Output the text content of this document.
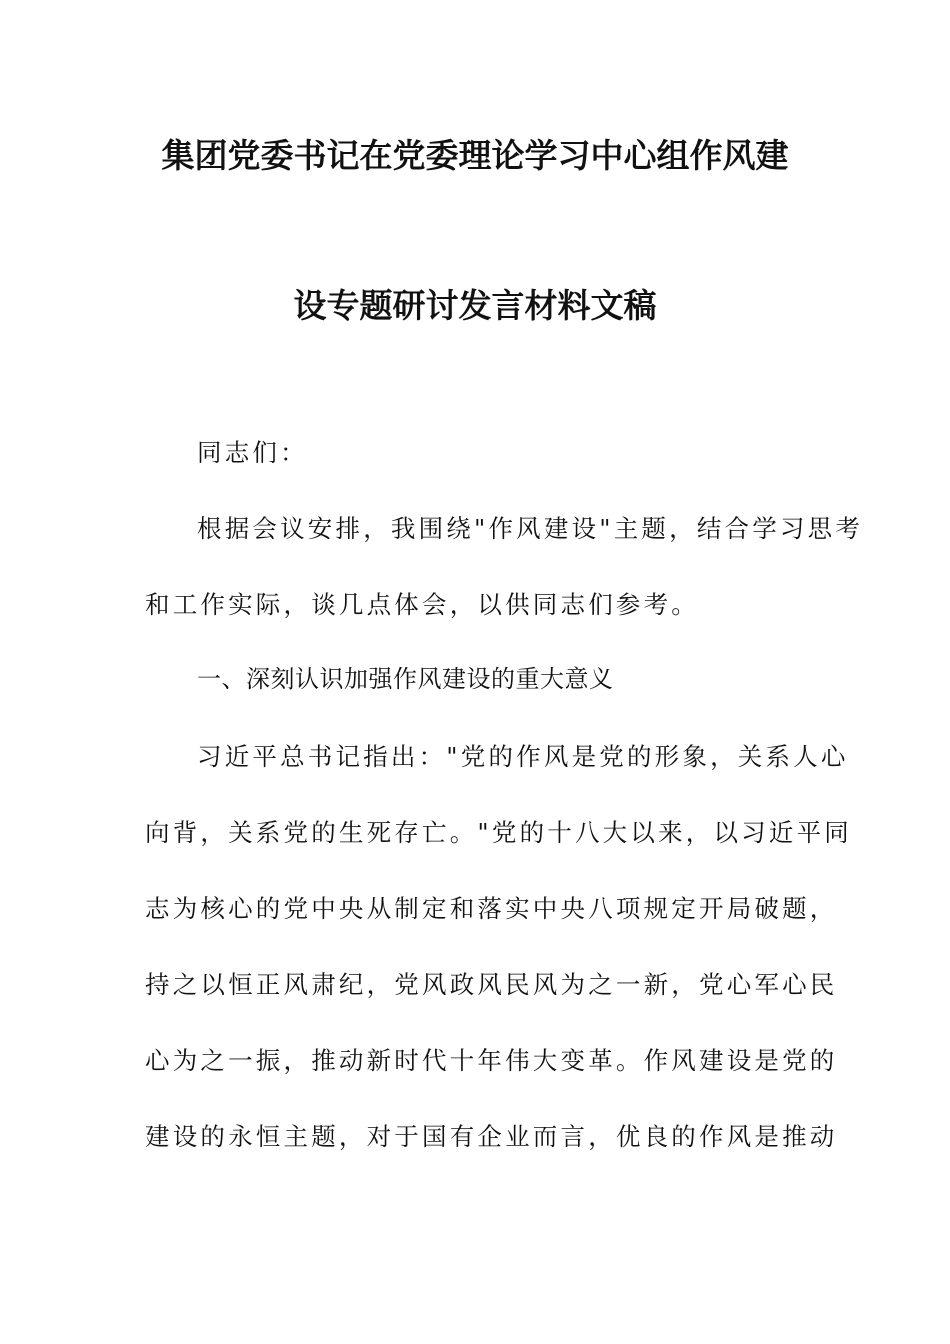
集团党委书记在党委理论学习中心组作风建
设专题研讨发言材料文稿
同志们：
根据会议安排，我围绕"作风建设"主题，结合学习思考
和工作实际，谈几点体会，以供同志们参考。
一、深刻认识加强作风建设的重大意义
习近平总书记指出："党的作风是党的形象，关系人心
向背，关系党的生死存亡。"党的十八大以来，以习近平同
志为核心的党中央从制定和落实中央八项规定开局破题，
持之以恒正风肃纪，党风政风民风为之一新，党心军心民
心为之一振，推动新时代十年伟大变革。作风建设是党的
建设的永恒主题，对于国有企业而言，优良的作风是推动
